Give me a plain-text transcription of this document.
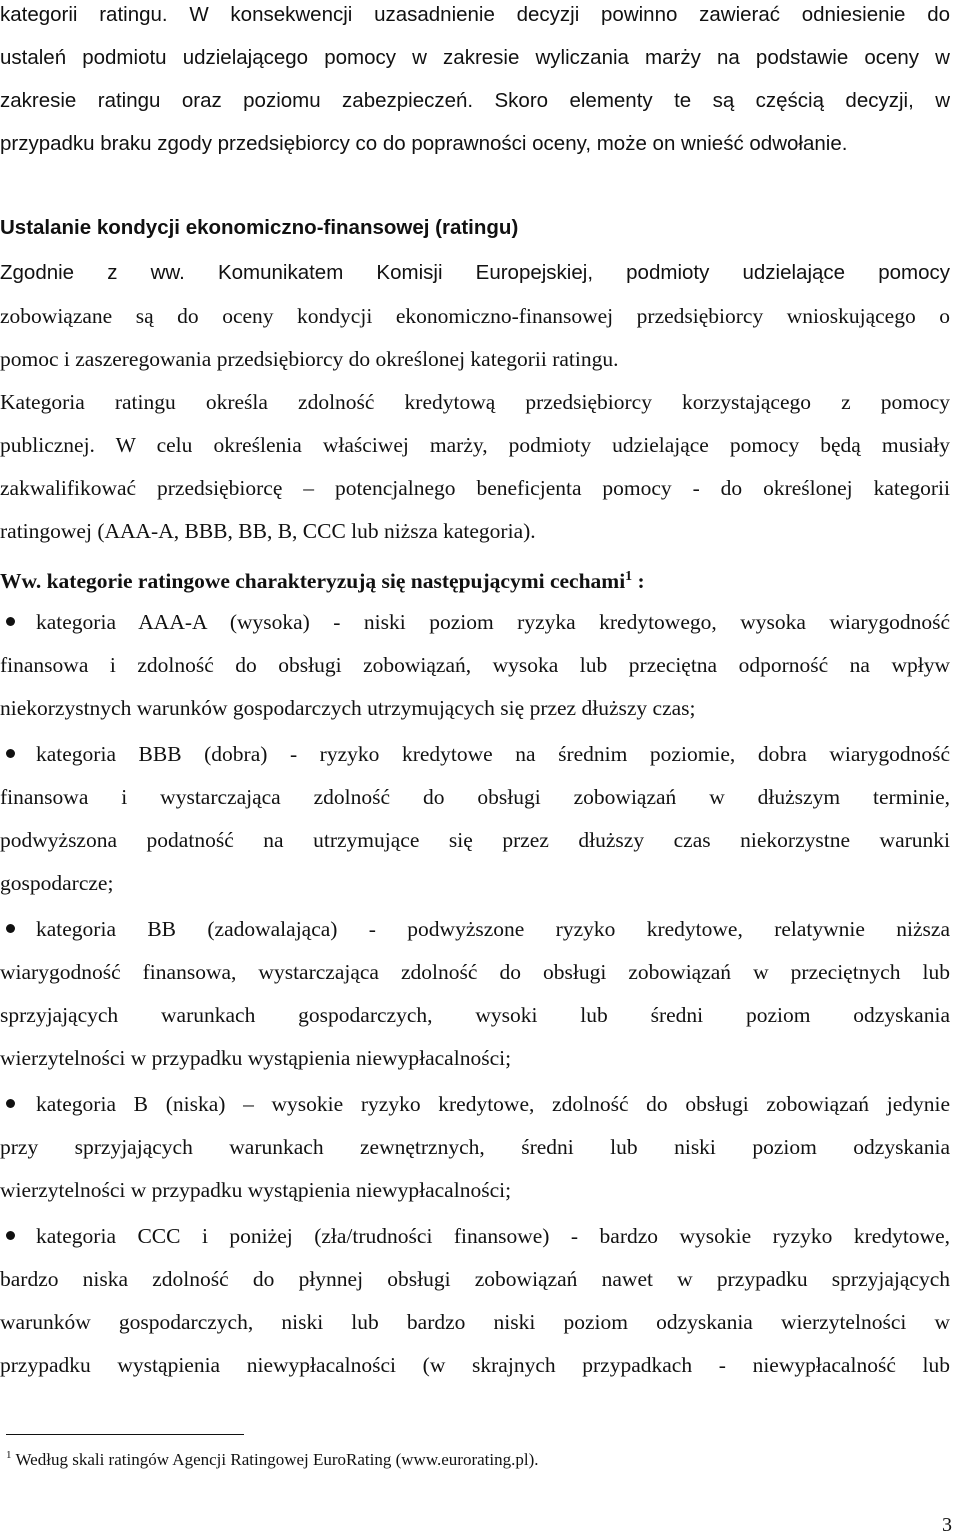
kategorii ratingu. W konsekwencji uzasadnienie decyzji powinno zawierać odniesienie do
ustaleń podmiotu udzielającego pomocy w zakresie wyliczania marży na podstawie oceny w
zakresie ratingu oraz poziomu zabezpieczeń. Skoro elementy te są częścią decyzji, w
przypadku braku zgody przedsiębiorcy co do poprawności oceny, może on wnieść odwołanie.
Ustalanie kondycji ekonomiczno-finansowej (ratingu)
Zgodnie z ww. Komunikatem Komisji Europejskiej, podmioty udzielające pomocy
zobowiązane są do oceny kondycji ekonomiczno-finansowej przedsiębiorcy wnioskującego o
pomoc i zaszeregowania przedsiębiorcy do określonej kategorii ratingu.
Kategoria ratingu określa zdolność kredytową przedsiębiorcy korzystającego z pomocy
publicznej. W celu określenia właściwej marży, podmioty udzielające pomocy będą musiały
zakwalifikować przedsiębiorcę – potencjalnego beneficjenta pomocy - do określonej kategorii
ratingowej (AAA-A, BBB, BB, B, CCC lub niższa kategoria).
Ww. kategorie ratingowe charakteryzują się następującymi cechami$^1$ :
kategoria AAA-A (wysoka) - niski poziom ryzyka kredytowego, wysoka wiarygodność
finansowa i zdolność do obsługi zobowiązań, wysoka lub przeciętna odporność na wpływ
niekorzystnych warunków gospodarczych utrzymujących się przez dłuższy czas;
kategoria BBB (dobra) - ryzyko kredytowe na średnim poziomie, dobra wiarygodność
finansowa i wystarczająca zdolność do obsługi zobowiązań w dłuższym terminie,
podwyższona podatność na utrzymujące się przez dłuższy czas niekorzystne warunki
gospodarcze;
kategoria BB (zadowalająca) - podwyższone ryzyko kredytowe, relatywnie niższa
wiarygodność finansowa, wystarczająca zdolność do obsługi zobowiązań w przeciętnych lub
sprzyjających warunkach gospodarczych, wysoki lub średni poziom odzyskania
wierzytelności w przypadku wystąpienia niewypłacalności;
kategoria B (niska) – wysokie ryzyko kredytowe, zdolność do obsługi zobowiązań jedynie
przy sprzyjających warunkach zewnętrznych, średni lub niski poziom odzyskania
wierzytelności w przypadku wystąpienia niewypłacalności;
kategoria CCC i poniżej (zła/trudności finansowe) - bardzo wysokie ryzyko kredytowe,
bardzo niska zdolność do płynnej obsługi zobowiązań nawet w przypadku sprzyjających
warunków gospodarczych, niski lub bardzo niski poziom odzyskania wierzytelności w
przypadku wystąpienia niewypłacalności (w skrajnych przypadkach - niewypłacalność lub
$^1$ Według skali ratingów Agencji Ratingowej EuroRating (www.eurorating.pl).
3
